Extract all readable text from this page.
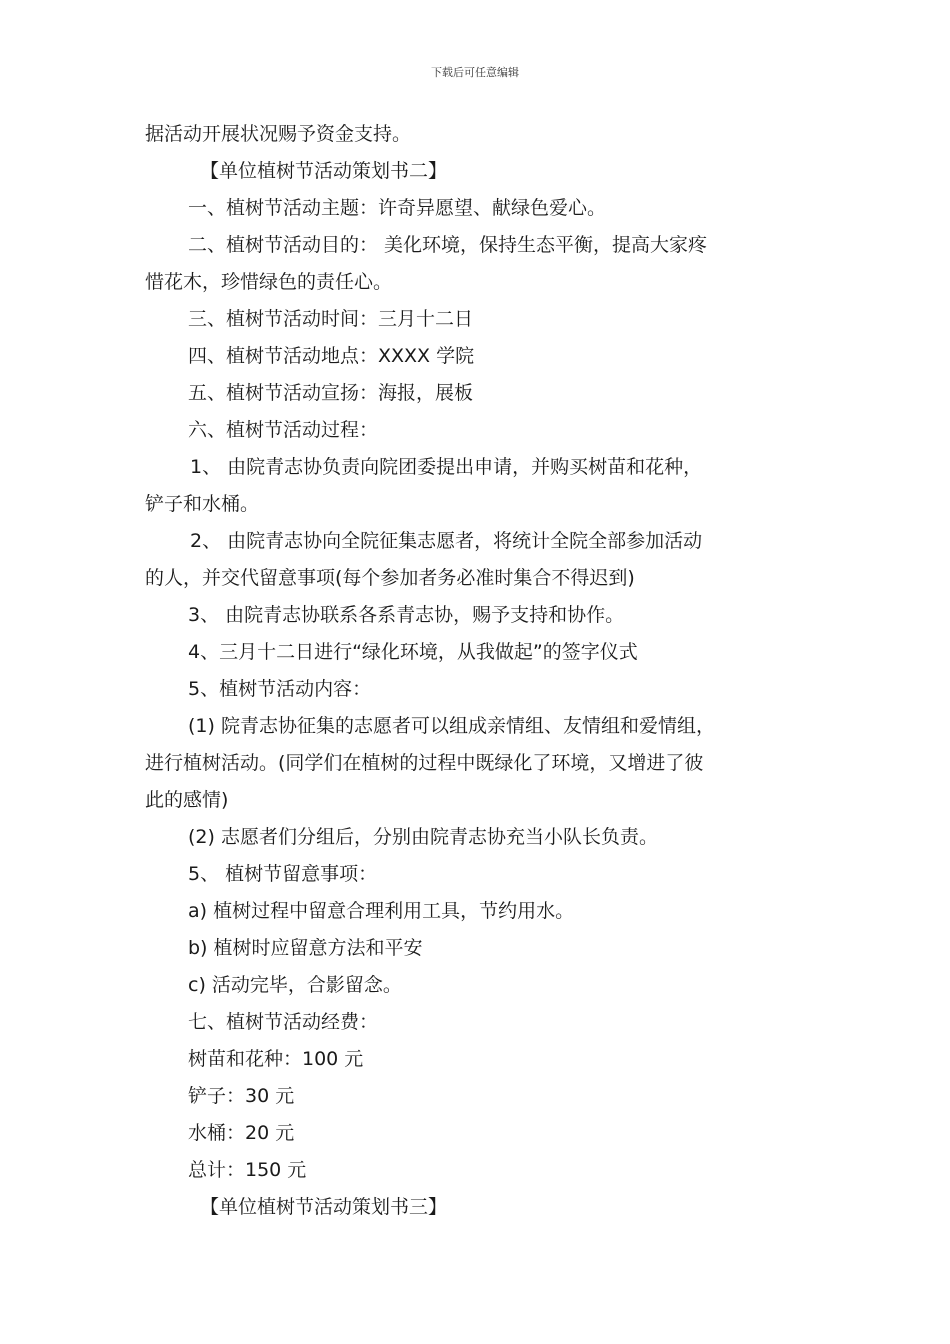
下载后可任意编辑
据活动开展状况赐予资金支持。
【单位植树节活动策划书二】
一、植树节活动主题：许奇异愿望、献绿色爱心。
二、植树节活动目的： 美化环境，保持生态平衡，提高大家疼
惜花木，珍惜绿色的责任心。
三、植树节活动时间：三月十二日
四、植树节活动地点：XXXX 学院
五、植树节活动宣扬：海报，展板
六、植树节活动过程：
1、 由院青志协负责向院团委提出申请，并购买树苗和花种，
铲子和水桶。
2、 由院青志协向全院征集志愿者，将统计全院全部参加活动
的人，并交代留意事项(每个参加者务必准时集合不得迟到)
3、 由院青志协联系各系青志协，赐予支持和协作。
4、三月十二日进行“绿化环境，从我做起”的签字仪式
5、植树节活动内容：
(1) 院青志协征集的志愿者可以组成亲情组、友情组和爱情组，
进行植树活动。(同学们在植树的过程中既绿化了环境，又增进了彼
此的感情)
(2) 志愿者们分组后，分别由院青志协充当小队长负责。
5、 植树节留意事项：
a) 植树过程中留意合理利用工具，节约用水。
b) 植树时应留意方法和平安
c) 活动完毕，合影留念。
七、植树节活动经费：
树苗和花种：100 元
铲子：30 元
水桶：20 元
总计：150 元
【单位植树节活动策划书三】
